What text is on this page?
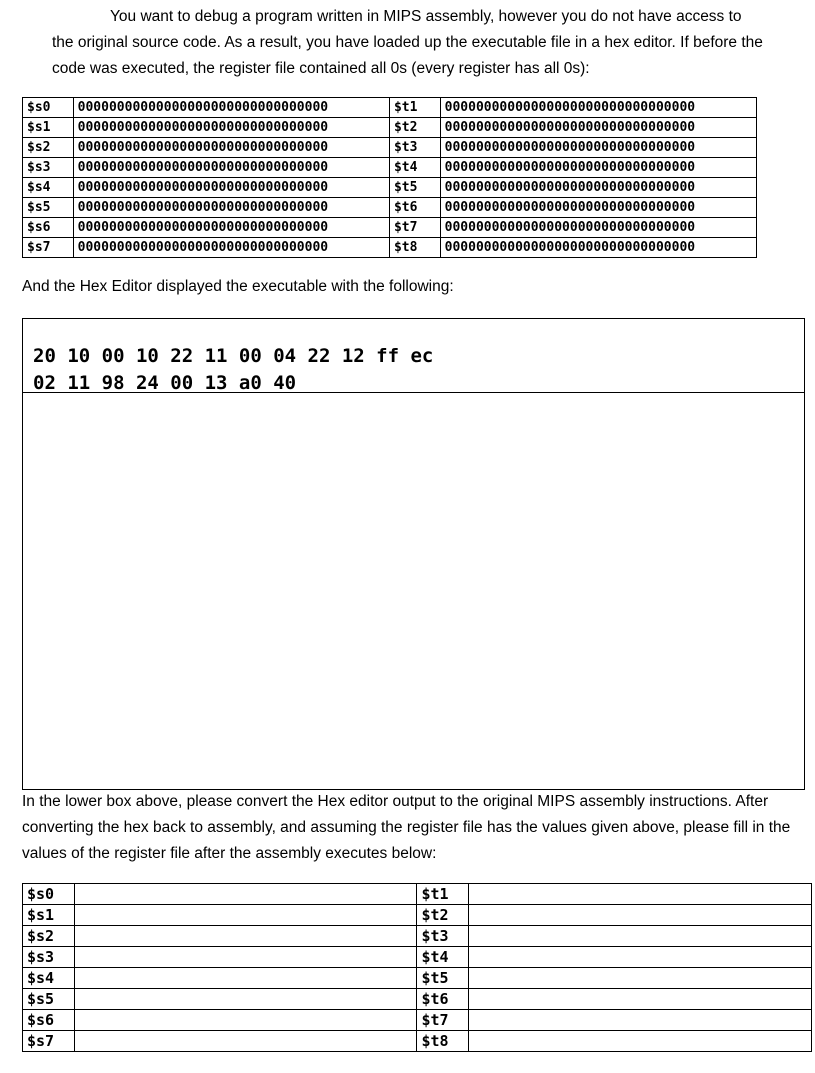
You want to debug a program written in MIPS assembly, however you do not have access to
the original source code. As a result, you have loaded up the executable file in a hex editor. If before the code was executed, the register file contained all 0s (every register has all 0s):
$s0	00000000000000000000000000000000	$t1	00000000000000000000000000000000
$s1	00000000000000000000000000000000	$t2	00000000000000000000000000000000
$s2	00000000000000000000000000000000	$t3	00000000000000000000000000000000
$s3	00000000000000000000000000000000	$t4	00000000000000000000000000000000
$s4	00000000000000000000000000000000	$t5	00000000000000000000000000000000
$s5	00000000000000000000000000000000	$t6	00000000000000000000000000000000
$s6	00000000000000000000000000000000	$t7	00000000000000000000000000000000
$s7	00000000000000000000000000000000	$t8	00000000000000000000000000000000
And the Hex Editor displayed the executable with the following:
20 10 00 10 22 11 00 04 22 12 ff ec
02 11 98 24 00 13 a0 40
In the lower box above, please convert the Hex editor output to the original MIPS assembly instructions. After converting the hex back to assembly, and assuming the register file has the values given above, please fill in the values of the register file after the assembly executes below:
$s0		$t1	
$s1		$t2	
$s2		$t3	
$s3		$t4	
$s4		$t5	
$s5		$t6	
$s6		$t7	
$s7		$t8	
